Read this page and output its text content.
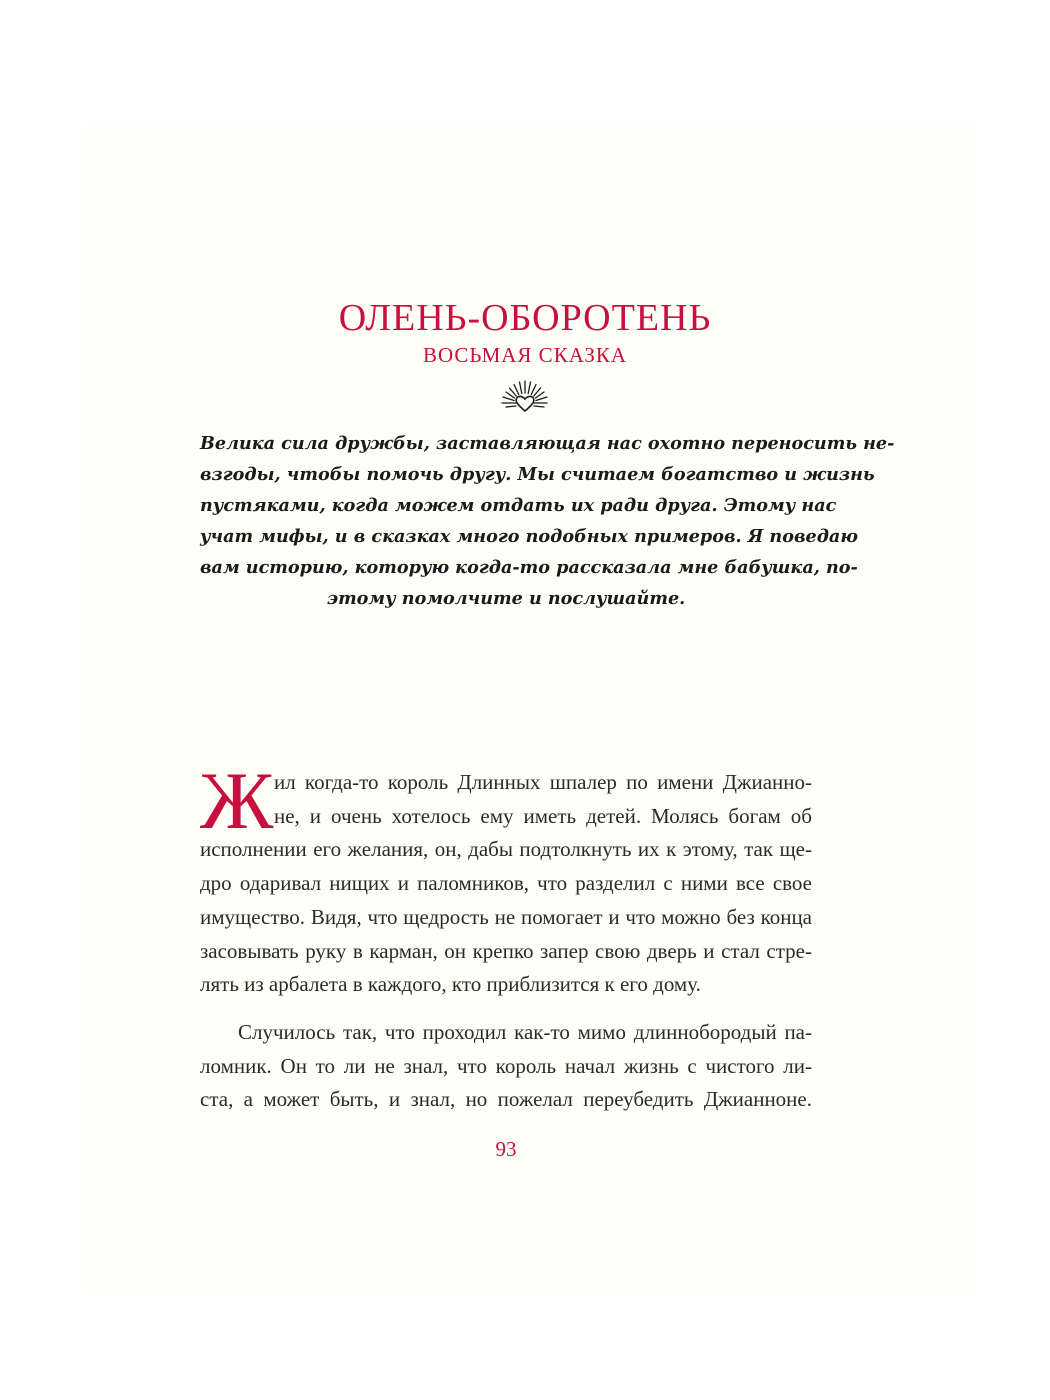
ОЛЕНЬ-ОБОРОТЕНЬ
ВОСЬМАЯ СКАЗКА
Велика сила дружбы, заставляющая нас охотно переносить не-
взгоды, чтобы помочь другу. Мы считаем богатство и жизнь
пустяками, когда можем отдать их ради друга. Этому нас
учат мифы, и в сказках много подобных примеров. Я поведаю
вам историю, которую когда-то рассказала мне бабушка, по-
этому помолчите и послушайте.
Ж ил когда-то король Длинных шпалер по имени Джианно-
не, и очень хотелось ему иметь детей. Молясь богам об
исполнении его желания, он, дабы подтолкнуть их к этому, так ще-
дро одаривал нищих и паломников, что разделил с ними все свое
имущество. Видя, что щедрость не помогает и что можно без конца
засовывать руку в карман, он крепко запер свою дверь и стал стре-
лять из арбалета в каждого, кто приблизится к его дому.
Случилось так, что проходил как-то мимо длиннобородый па-
ломник. Он то ли не знал, что король начал жизнь с чистого ли-
ста, а может быть, и знал, но пожелал переубедить Джианноне.
93
